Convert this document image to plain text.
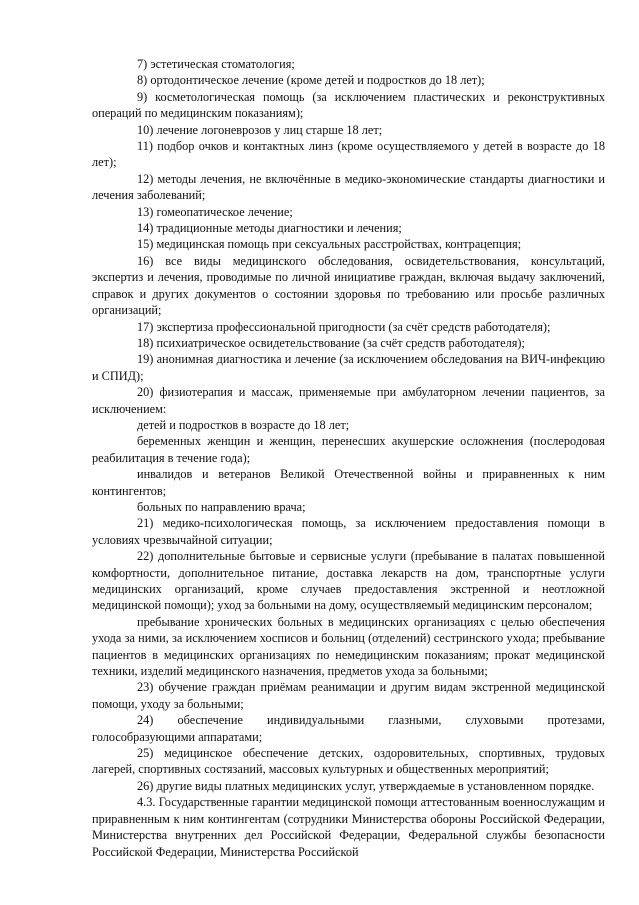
7) эстетическая стоматология;

8) ортодонтическое лечение (кроме детей и подростков до 18 лет);

9) косметологическая помощь (за исключением пластических и реконструктивных операций по медицинским показаниям);

10) лечение логоневрозов у лиц старше 18 лет;

11) подбор очков и контактных линз (кроме осуществляемого у детей в возрасте до 18 лет);

12) методы лечения, не включённые в медико-экономические стандарты диагностики и лечения заболеваний;

13) гомеопатическое лечение;

14) традиционные методы диагностики и лечения;

15) медицинская помощь при сексуальных расстройствах, контрацепция;

16) все виды медицинского обследования, освидетельствования, консультаций, экспертиз и лечения, проводимые по личной инициативе граждан, включая выдачу заключений, справок и других документов о состоянии здоровья по требованию или просьбе различных организаций;

17) экспертиза профессиональной пригодности (за счёт средств работодателя);

18) психиатрическое освидетельствование (за счёт средств работодателя);

19) анонимная диагностика и лечение (за исключением обследования на ВИЧ-инфекцию и СПИД);

20) физиотерапия и массаж, применяемые при амбулаторном лечении пациентов, за исключением:

детей и подростков в возрасте до 18 лет;

беременных женщин и женщин, перенесших акушерские осложнения (послеродовая реабилитация в течение года);

инвалидов и ветеранов Великой Отечественной войны и приравненных к ним контингентов;

больных по направлению врача;

21) медико-психологическая помощь, за исключением предоставления помощи в условиях чрезвычайной ситуации;

22) дополнительные бытовые и сервисные услуги (пребывание в палатах повышенной комфортности, дополнительное питание, доставка лекарств на дом, транспортные услуги медицинских организаций, кроме случаев предоставления экстренной и неотложной медицинской помощи); уход за больными на дому, осуществляемый медицинским персоналом;

пребывание хронических больных в медицинских организациях с целью обеспечения ухода за ними, за исключением хосписов и больниц (отделений) сестринского ухода; пребывание пациентов в медицинских организациях по немедицинским показаниям; прокат медицинской техники, изделий медицинского назначения, предметов ухода за больными;

23) обучение граждан приёмам реанимации и другим видам экстренной медицинской помощи, уходу за больными;

24) обеспечение индивидуальными глазными, слуховыми протезами, голособразующими аппаратами;

25) медицинское обеспечение детских, оздоровительных, спортивных, трудовых лагерей, спортивных состязаний, массовых культурных и общественных мероприятий;

26) другие виды платных медицинских услуг, утверждаемые в установленном порядке.

4.3. Государственные гарантии медицинской помощи аттестованным военнослужащим и приравненным к ним контингентам (сотрудники Министерства обороны Российской Федерации, Министерства внутренних дел Российской Федерации, Федеральной службы безопасности Российской Федерации, Министерства Российской
